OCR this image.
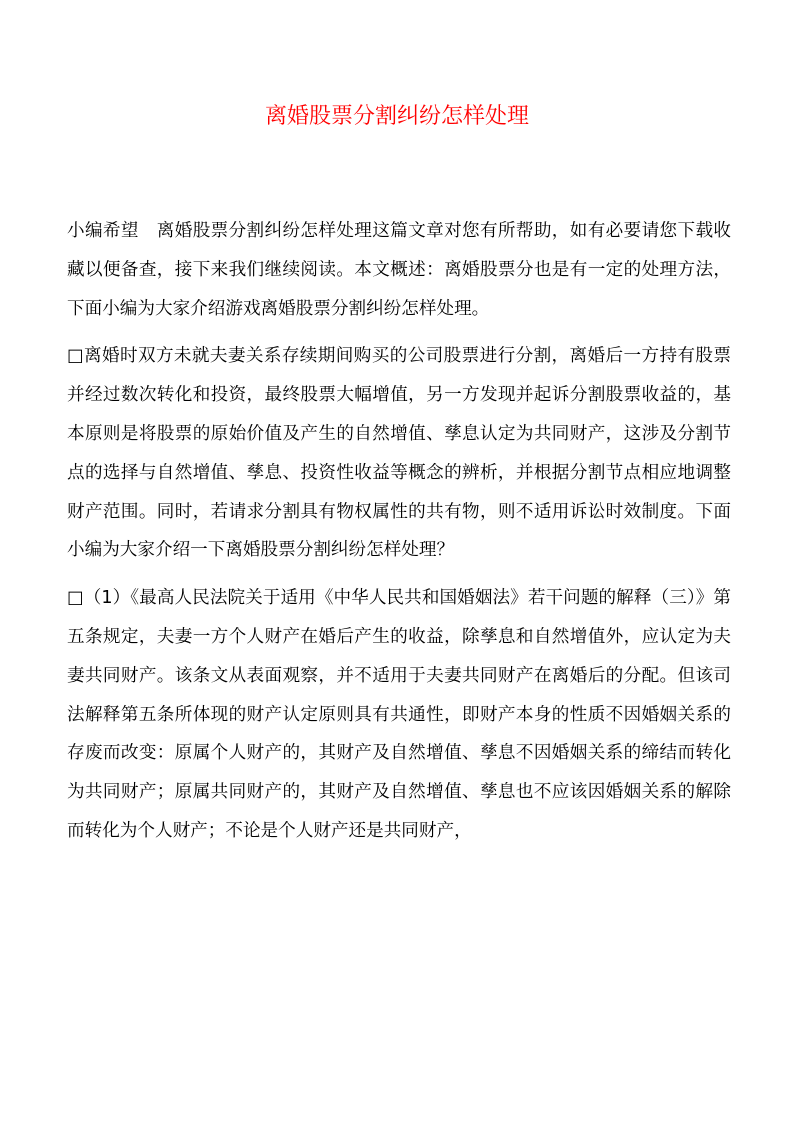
离婚股票分割纠纷怎样处理

小编希望　离婚股票分割纠纷怎样处理这篇文章对您有所帮助，如有必要请您下载收藏以便备查，接下来我们继续阅读。本文概述：离婚股票分也是有一定的处理方法，下面小编为大家介绍游戏离婚股票分割纠纷怎样处理。

□离婚时双方未就夫妻关系存续期间购买的公司股票进行分割，离婚后一方持有股票并经过数次转化和投资，最终股票大幅增值，另一方发现并起诉分割股票收益的，基本原则是将股票的原始价值及产生的自然增值、孳息认定为共同财产，这涉及分割节点的选择与自然增值、孳息、投资性收益等概念的辨析，并根据分割节点相应地调整财产范围。同时，若请求分割具有物权属性的共有物，则不适用诉讼时效制度。下面小编为大家介绍一下离婚股票分割纠纷怎样处理？

□（1）《最高人民法院关于适用《中华人民共和国婚姻法》若干问题的解释（三）》第五条规定，夫妻一方个人财产在婚后产生的收益，除孳息和自然增值外，应认定为夫妻共同财产。该条文从表面观察，并不适用于夫妻共同财产在离婚后的分配。但该司法解释第五条所体现的财产认定原则具有共通性，即财产本身的性质不因婚姻关系的存废而改变：原属个人财产的，其财产及自然增值、孳息不因婚姻关系的缔结而转化为共同财产；原属共同财产的，其财产及自然增值、孳息也不应该因婚姻关系的解除而转化为个人财产；不论是个人财产还是共同财产，
